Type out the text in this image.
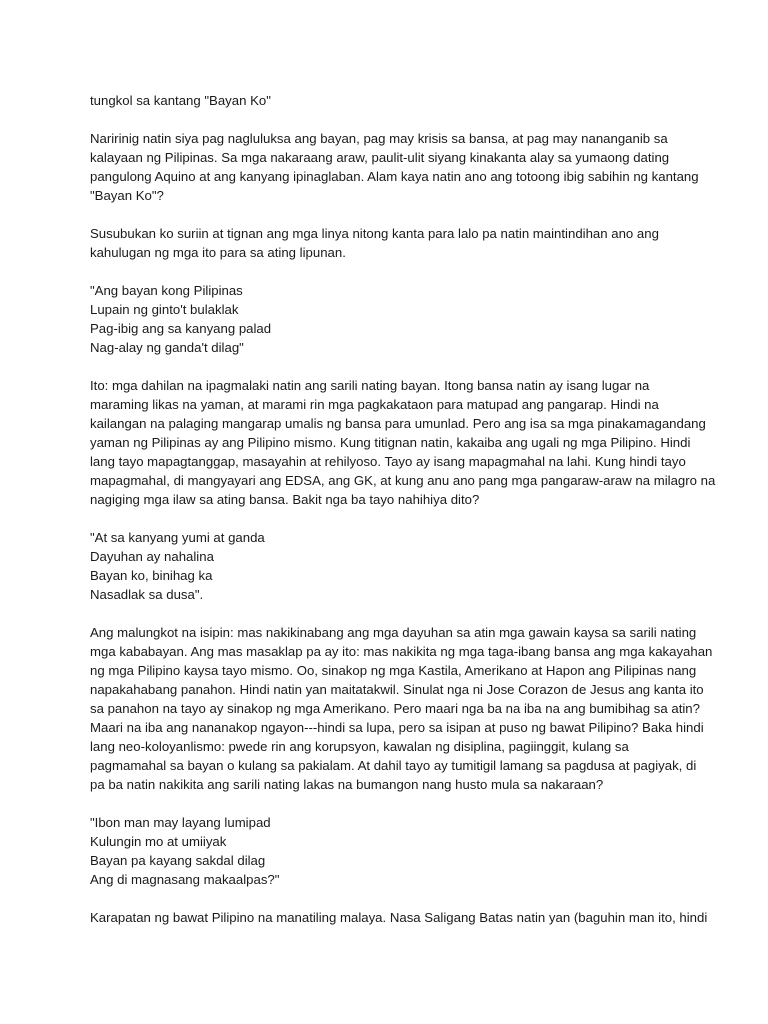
tungkol sa kantang "Bayan Ko"
Naririnig natin siya pag nagluluksa ang bayan, pag may krisis sa bansa, at pag may nananganib sa
kalayaan ng Pilipinas. Sa mga nakaraang araw, paulit-ulit siyang kinakanta alay sa yumaong dating
pangulong Aquino at ang kanyang ipinaglaban. Alam kaya natin ano ang totoong ibig sabihin ng kantang
"Bayan Ko"?
Susubukan ko suriin at tignan ang mga linya nitong kanta para lalo pa natin maintindihan ano ang
kahulugan ng mga ito para sa ating lipunan.
"Ang bayan kong Pilipinas
Lupain ng ginto't bulaklak
Pag-ibig ang sa kanyang palad
Nag-alay ng ganda't dilag"
Ito: mga dahilan na ipagmalaki natin ang sarili nating bayan. Itong bansa natin ay isang lugar na
maraming likas na yaman, at marami rin mga pagkakataon para matupad ang pangarap. Hindi na
kailangan na palaging mangarap umalis ng bansa para umunlad. Pero ang isa sa mga pinakamagandang
yaman ng Pilipinas ay ang Pilipino mismo. Kung titignan natin, kakaiba ang ugali ng mga Pilipino. Hindi
lang tayo mapagtanggap, masayahin at rehilyoso. Tayo ay isang mapagmahal na lahi. Kung hindi tayo
mapagmahal, di mangyayari ang EDSA, ang GK, at kung anu ano pang mga pangaraw-araw na milagro na
nagiging mga ilaw sa ating bansa. Bakit nga ba tayo nahihiya dito?
"At sa kanyang yumi at ganda
Dayuhan ay nahalina
Bayan ko, binihag ka
Nasadlak sa dusa".
Ang malungkot na isipin: mas nakikinabang ang mga dayuhan sa atin mga gawain kaysa sa sarili nating
mga kababayan. Ang mas masaklap pa ay ito: mas nakikita ng mga taga-ibang bansa ang mga kakayahan
ng mga Pilipino kaysa tayo mismo. Oo, sinakop ng mga Kastila, Amerikano at Hapon ang Pilipinas nang
napakahabang panahon. Hindi natin yan maitatakwil. Sinulat nga ni Jose Corazon de Jesus ang kanta ito
sa panahon na tayo ay sinakop ng mga Amerikano. Pero maari nga ba na iba na ang bumibihag sa atin?
Maari na iba ang nananakop ngayon---hindi sa lupa, pero sa isipan at puso ng bawat Pilipino? Baka hindi
lang neo-koloyanlismo: pwede rin ang korupsyon, kawalan ng disiplina, pagiinggit, kulang sa
pagmamahal sa bayan o kulang sa pakialam. At dahil tayo ay tumitigil lamang sa pagdusa at pagiyak, di
pa ba natin nakikita ang sarili nating lakas na bumangon nang husto mula sa nakaraan?
"Ibon man may layang lumipad
Kulungin mo at umiiyak
Bayan pa kayang sakdal dilag
Ang di magnasang makaalpas?"
Karapatan ng bawat Pilipino na manatiling malaya. Nasa Saligang Batas natin yan (baguhin man ito, hindi
